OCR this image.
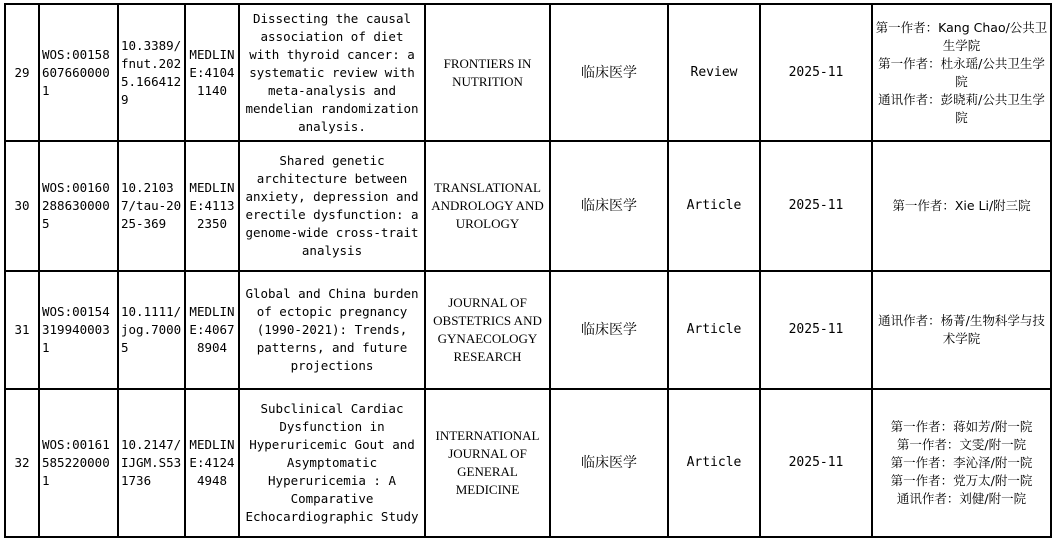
29	WOS:001586076600001	10.3389/fnut.2025.1664129	MEDLINE:41041140	Dissecting the causal association of diet with thyroid cancer: a systematic review with meta-analysis and mendelian randomization analysis.	FRONTIERS IN NUTRITION	临床医学	Review	2025-11	第一作者：Kang Chao/公共卫生学院
第一作者：杜永瑶/公共卫生学院
通讯作者：彭晓莉/公共卫生学院

30	WOS:001602886300005	10.21037/tau-2025-369	MEDLINE:41132350	Shared genetic architecture between anxiety, depression and erectile dysfunction: a genome-wide cross-trait analysis	TRANSLATIONAL ANDROLOGY AND UROLOGY	临床医学	Article	2025-11	第一作者：Xie Li/附三院

31	WOS:001543199400031	10.1111/jog.70005	MEDLINE:40678904	Global and China burden of ectopic pregnancy (1990-2021): Trends, patterns, and future projections	JOURNAL OF OBSTETRICS AND GYNAECOLOGY RESEARCH	临床医学	Article	2025-11	通讯作者：杨菁/生物科学与技术学院

32	WOS:001615852200001	10.2147/IJGM.S531736	MEDLINE:41244948	Subclinical Cardiac Dysfunction in Hyperuricemic Gout and Asymptomatic Hyperuricemia : A Comparative Echocardiographic Study	INTERNATIONAL JOURNAL OF GENERAL MEDICINE	临床医学	Article	2025-11	第一作者：蒋如芳/附一院
第一作者：文雯/附一院
第一作者：李沁泽/附一院
第一作者：党万太/附一院
通讯作者：刘健/附一院
